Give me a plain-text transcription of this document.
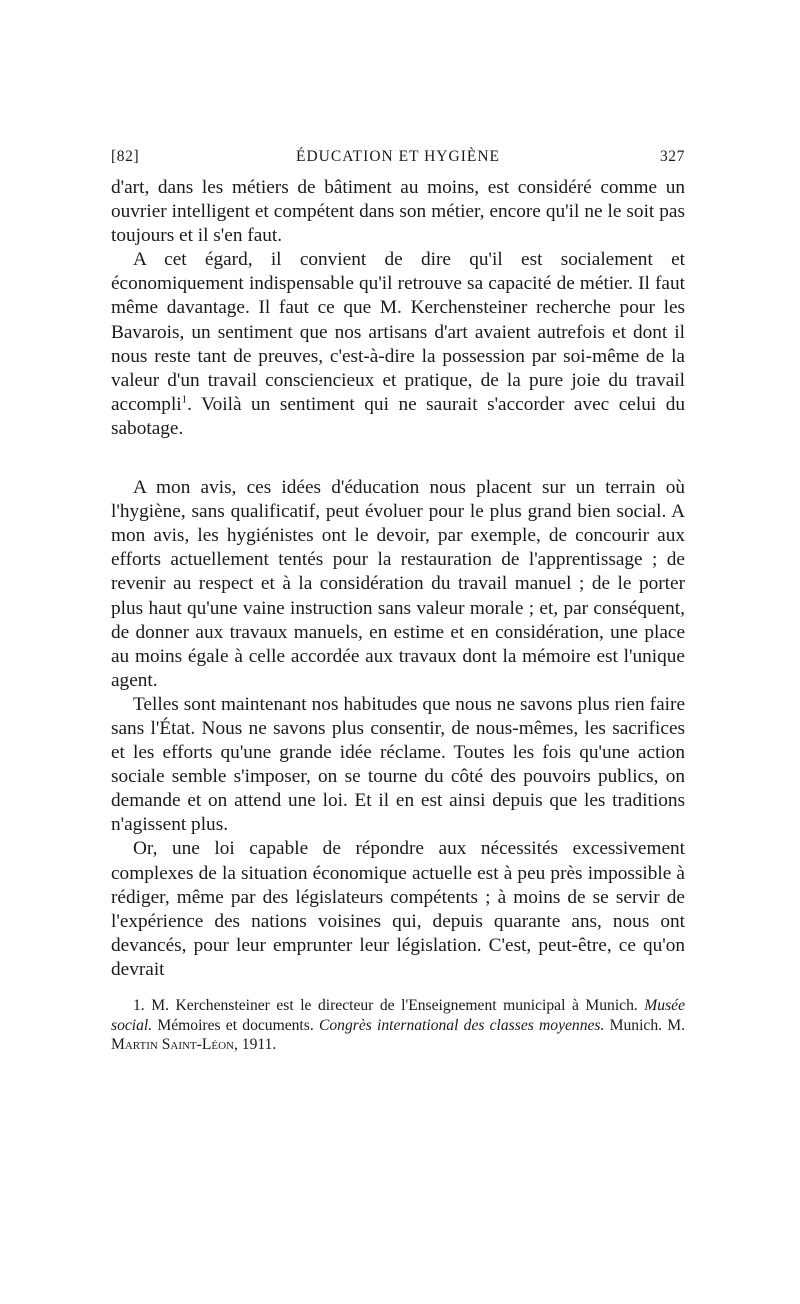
[82]	ÉDUCATION ET HYGIÈNE	327

d'art, dans les métiers de bâtiment au moins, est considéré comme un ouvrier intelligent et compétent dans son métier, encore qu'il ne le soit pas toujours et il s'en faut.

A cet égard, il convient de dire qu'il est socialement et économiquement indispensable qu'il retrouve sa capacité de métier. Il faut même davantage. Il faut ce que M. Kerchensteiner recherche pour les Bavarois, un sentiment que nos artisans d'art avaient autrefois et dont il nous reste tant de preuves, c'est-à-dire la possession par soi-même de la valeur d'un travail consciencieux et pratique, de la pure joie du travail accompli$^1$. Voilà un sentiment qui ne saurait s'accorder avec celui du sabotage.

A mon avis, ces idées d'éducation nous placent sur un terrain où l'hygiène, sans qualificatif, peut évoluer pour le plus grand bien social. A mon avis, les hygiénistes ont le devoir, par exemple, de concourir aux efforts actuellement tentés pour la restauration de l'apprentissage ; de revenir au respect et à la considération du travail manuel ; de le porter plus haut qu'une vaine instruction sans valeur morale ; et, par conséquent, de donner aux travaux manuels, en estime et en considération, une place au moins égale à celle accordée aux travaux dont la mémoire est l'unique agent.

Telles sont maintenant nos habitudes que nous ne savons plus rien faire sans l'État. Nous ne savons plus consentir, de nous-mêmes, les sacrifices et les efforts qu'une grande idée réclame. Toutes les fois qu'une action sociale semble s'imposer, on se tourne du côté des pouvoirs publics, on demande et on attend une loi. Et il en est ainsi depuis que les traditions n'agissent plus.

Or, une loi capable de répondre aux nécessités excessivement complexes de la situation économique actuelle est à peu près impossible à rédiger, même par des législateurs compétents ; à moins de se servir de l'expérience des nations voisines qui, depuis quarante ans, nous ont devancés, pour leur emprunter leur législation. C'est, peut-être, ce qu'on devrait

1. M. Kerchensteiner est le directeur de l'Enseignement municipal à Munich. Musée social. Mémoires et documents. Congrès international des classes moyennes. Munich. M. Martin Saint-Léon, 1911.
